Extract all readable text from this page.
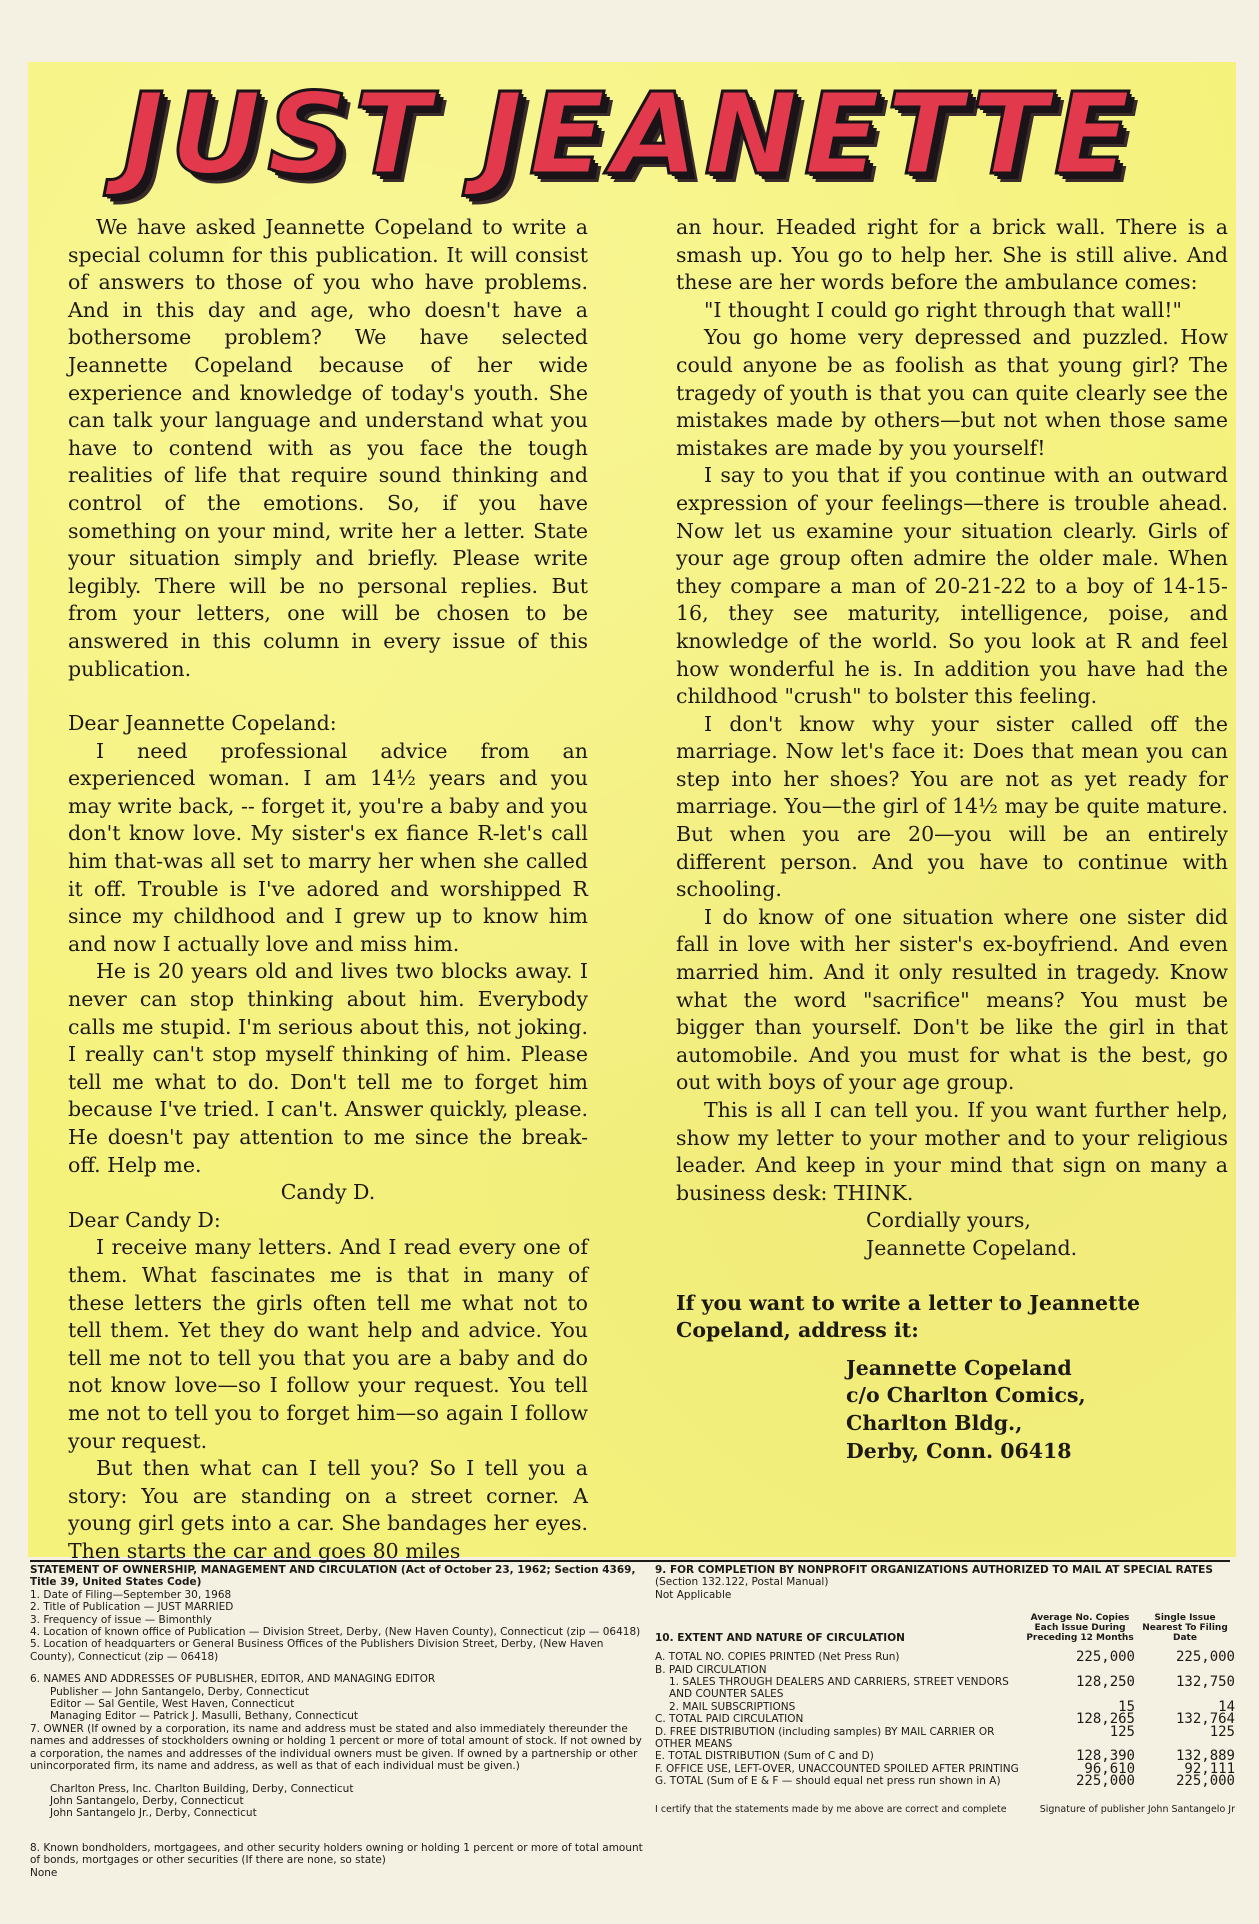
JUST JEANETTE

We have asked Jeannette Copeland to write a special column for this publication. It will consist of answers to those of you who have problems. And in this day and age, who doesn't have a bothersome problem? We have selected Jeannette Copeland because of her wide experience and knowledge of today's youth. She can talk your language and understand what you have to contend with as you face the tough realities of life that require sound thinking and control of the emotions. So, if you have something on your mind, write her a letter. State your situation simply and briefly. Please write legibly. There will be no personal replies. But from your letters, one will be chosen to be answered in this column in every issue of this publication.

Dear Jeannette Copeland:

I need professional advice from an experienced woman. I am 14½ years and you may write back, -- forget it, you're a baby and you don't know love. My sister's ex fiance R-let's call him that-was all set to marry her when she called it off. Trouble is I've adored and worshipped R since my childhood and I grew up to know him and now I actually love and miss him.

He is 20 years old and lives two blocks away. I never can stop thinking about him. Everybody calls me stupid. I'm serious about this, not joking. I really can't stop myself thinking of him. Please tell me what to do. Don't tell me to forget him because I've tried. I can't. Answer quickly, please. He doesn't pay attention to me since the break-off. Help me.

Candy D.

Dear Candy D:

I receive many letters. And I read every one of them. What fascinates me is that in many of these letters the girls often tell me what not to tell them. Yet they do want help and advice. You tell me not to tell you that you are a baby and do not know love—so I follow your request. You tell me not to tell you to forget him—so again I follow your request.

But then what can I tell you? So I tell you a story: You are standing on a street corner. A young girl gets into a car. She bandages her eyes. Then starts the car and goes 80 miles

an hour. Headed right for a brick wall. There is a smash up. You go to help her. She is still alive. And these are her words before the ambulance comes:

"I thought I could go right through that wall!"

You go home very depressed and puzzled. How could anyone be as foolish as that young girl? The tragedy of youth is that you can quite clearly see the mistakes made by others—but not when those same mistakes are made by you yourself!

I say to you that if you continue with an outward expression of your feelings—there is trouble ahead. Now let us examine your situation clearly. Girls of your age group often admire the older male. When they compare a man of 20-21-22 to a boy of 14-15-16, they see maturity, intelligence, poise, and knowledge of the world. So you look at R and feel how wonderful he is. In addition you have had the childhood "crush" to bolster this feeling.

I don't know why your sister called off the marriage. Now let's face it: Does that mean you can step into her shoes? You are not as yet ready for marriage. You—the girl of 14½ may be quite mature. But when you are 20—you will be an entirely different person. And you have to continue with schooling.

I do know of one situation where one sister did fall in love with her sister's ex-boyfriend. And even married him. And it only resulted in tragedy. Know what the word "sacrifice" means? You must be bigger than yourself. Don't be like the girl in that automobile. And you must for what is the best, go out with boys of your age group.

This is all I can tell you. If you want further help, show my letter to your mother and to your religious leader. And keep in your mind that sign on many a business desk: THINK.

Cordially yours,

Jeannette Copeland.

If you want to write a letter to Jeannette Copeland, address it:

Jeannette Copeland

c/o Charlton Comics,

Charlton Bldg.,

Derby, Conn. 06418

STATEMENT OF OWNERSHIP, MANAGEMENT AND CIRCULATION (Act of October 23, 1962; Section 4369, Title 39, United States Code)

1. Date of Filing—September 30, 1968

2. Title of Publication — JUST MARRIED

3. Frequency of issue — Bimonthly

4. Location of known office of Publication — Division Street, Derby, (New Haven County), Connecticut (zip — 06418)

5. Location of headquarters or General Business Offices of the Publishers Division Street, Derby, (New Haven County), Connecticut (zip — 06418)

6. NAMES AND ADDRESSES OF PUBLISHER, EDITOR, AND MANAGING EDITOR

Publisher — John Santangelo, Derby, Connecticut

Editor — Sal Gentile, West Haven, Connecticut

Managing Editor — Patrick J. Masulli, Bethany, Connecticut

7. OWNER (If owned by a corporation, its name and address must be stated and also immediately thereunder the names and addresses of stockholders owning or holding 1 percent or more of total amount of stock. If not owned by a corporation, the names and addresses of the individual owners must be given. If owned by a partnership or other unincorporated firm, its name and address, as well as that of each individual must be given.)

Charlton Press, Inc. Charlton Building, Derby, Connecticut

John Santangelo, Derby, Connecticut

John Santangelo Jr., Derby, Connecticut

8. Known bondholders, mortgagees, and other security holders owning or holding 1 percent or more of total amount of bonds, mortgages or other securities (If there are none, so state)

None

9. FOR COMPLETION BY NONPROFIT ORGANIZATIONS AUTHORIZED TO MAIL AT SPECIAL RATES

(Section 132.122, Postal Manual)

Not Applicable

10. EXTENT AND NATURE OF CIRCULATION
Average No. Copies Each Issue During Preceding 12 Months
Single Issue Nearest To Filing Date
A. TOTAL NO. COPIES PRINTED (Net Press Run)	225,000	225,000
B. PAID CIRCULATION
1. SALES THROUGH DEALERS AND CARRIERS, STREET VENDORS AND COUNTER SALES
128,250	132,750
2. MAIL SUBSCRIPTIONS	15	14
C. TOTAL PAID CIRCULATION	128,265	132,764
D. FREE DISTRIBUTION (including samples) BY MAIL CARRIER OR OTHER MEANS
125	125
E. TOTAL DISTRIBUTION (Sum of C and D)	128,390	132,889
F. OFFICE USE, LEFT-OVER, UNACCOUNTED SPOILED AFTER PRINTING	96,610	92,111
G. TOTAL (Sum of E & F — should equal net press run shown in A)	225,000	225,000
I certify that the statements made by me above are correct and complete	Signature of publisher John Santangelo Jr
